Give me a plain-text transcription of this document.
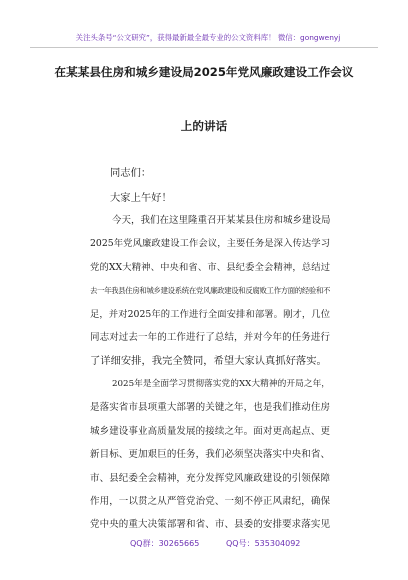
关注头条号“公文研究”，获得最新最全最专业的公文资料库！ 微信：gongwenyj
在某某县住房和城乡建设局2025年党风廉政建设工作会议
上的讲话
同志们：
大家上午好！
今天，我们在这里隆重召开某某县住房和城乡建设局
2025年党风廉政建设工作会议，主要任务是深入传达学习
党的XX大精神、中央和省、市、县纪委全会精神，总结过
去一年我县住房和城乡建设系统在党风廉政建设和反腐败工作方面的经验和不
足，并对2025年的工作进行全面安排和部署。刚才，几位
同志对过去一年的工作进行了总结，并对今年的任务进行
了详细安排，我完全赞同，希望大家认真抓好落实。
2025年是全面学习贯彻落实党的XX大精神的开局之年，
是落实省市县项重大部署的关键之年，也是我们推动住房
城乡建设事业高质量发展的接续之年。面对更高起点、更
新目标、更加艰巨的任务，我们必须坚决落实中央和省、
市、县纪委全会精神，充分发挥党风廉政建设的引领保障
作用，一以贯之从严管党治党、一刻不停正风肃纪，确保
党中央的重大决策部署和省、市、县委的安排要求落实见
QQ群：30265665	QQ号：535304092
